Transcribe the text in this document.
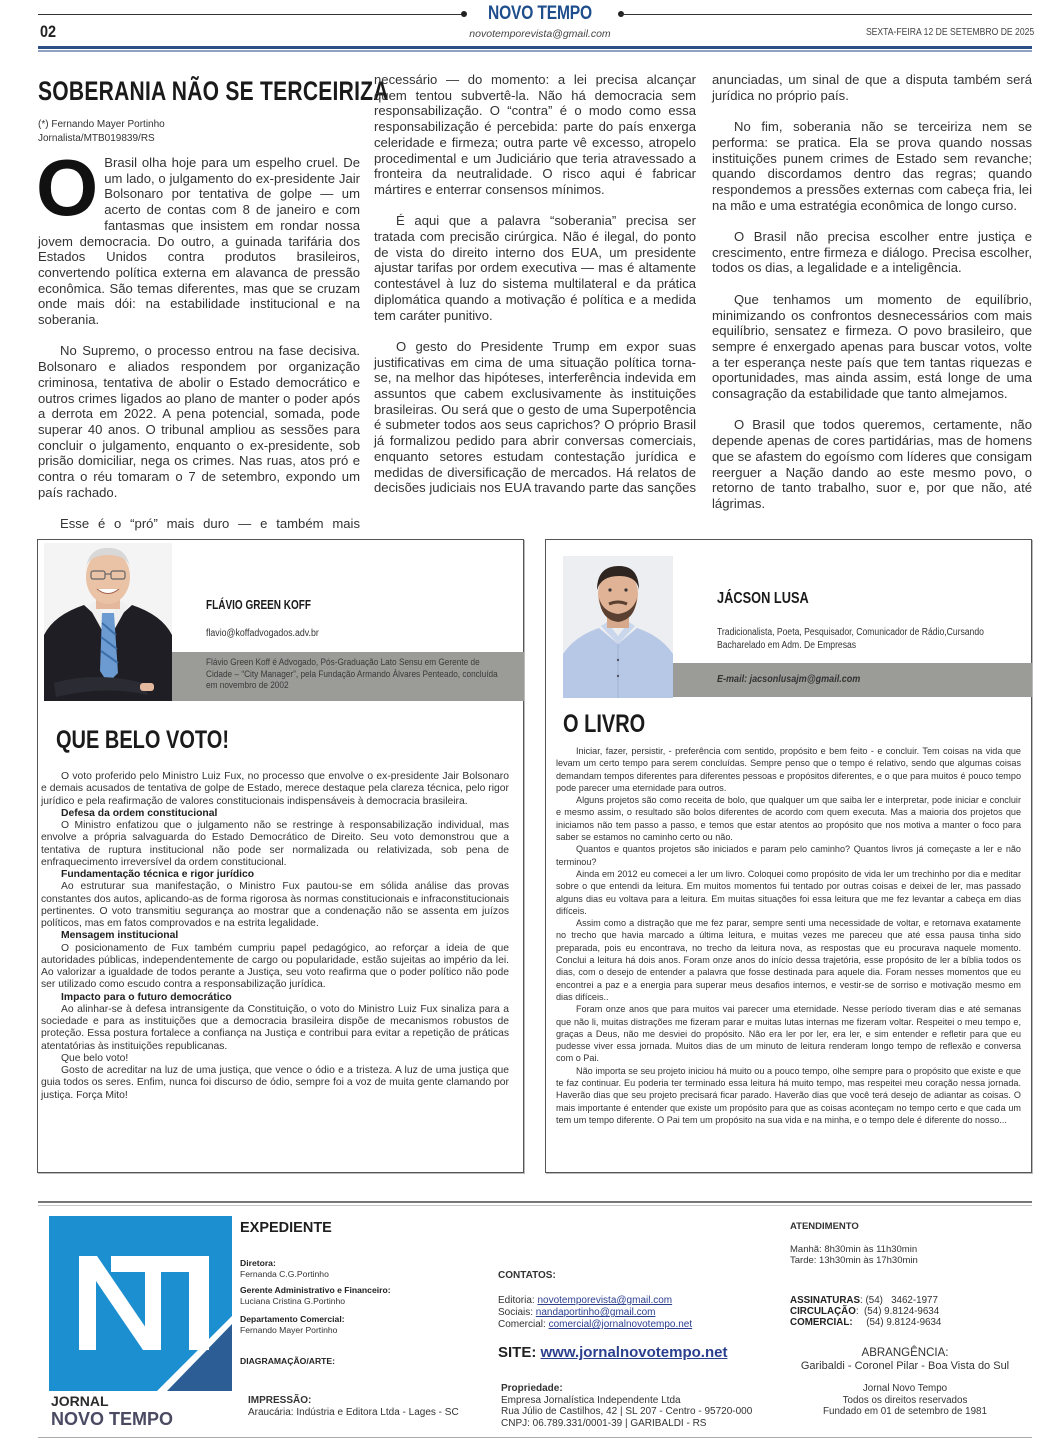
NOVO TEMPO
02	novotemporevista@gmail.com	SEXTA-FEIRA 12 DE SETEMBRO DE 2025
SOBERANIA NÃO SE TERCEIRIZA
(*) Fernando Mayer Portinho
Jornalista/MTB019839/RS

O Brasil olha hoje para um espelho cruel. De um lado, o julgamento do ex-presidente Jair Bolsonaro por tentativa de golpe — um acerto de contas com 8 de janeiro e com fantasmas que insistem em rondar nossa jovem democracia. Do outro, a guinada tarifária dos Estados Unidos contra produtos brasileiros, convertendo política externa em alavanca de pressão econômica. São temas diferentes, mas que se cruzam onde mais dói: na estabilidade institucional e na soberania.

No Supremo, o processo entrou na fase decisiva. Bolsonaro e aliados respondem por organização criminosa, tentativa de abolir o Estado democrático e outros crimes ligados ao plano de manter o poder após a derrota em 2022. A pena potencial, somada, pode superar 40 anos. O tribunal ampliou as sessões para concluir o julgamento, enquanto o ex-presidente, sob prisão domiciliar, nega os crimes. Nas ruas, atos pró e contra o réu tomaram o 7 de setembro, expondo um país rachado.

Esse é o “pró” mais duro — e também mais

necessário — do momento: a lei precisa alcançar quem tentou subvertê-la. Não há democracia sem responsabilização. O “contra” é o modo como essa responsabilização é percebida: parte do país enxerga celeridade e firmeza; outra parte vê excesso, atropelo procedimental e um Judiciário que teria atravessado a fronteira da neutralidade. O risco aqui é fabricar mártires e enterrar consensos mínimos.

É aqui que a palavra “soberania” precisa ser tratada com precisão cirúrgica. Não é ilegal, do ponto de vista do direito interno dos EUA, um presidente ajustar tarifas por ordem executiva — mas é altamente contestável à luz do sistema multilateral e da prática diplomática quando a motivação é política e a medida tem caráter punitivo.

O gesto do Presidente Trump em expor suas justificativas em cima de uma situação política torna-se, na melhor das hipóteses, interferência indevida em assuntos que cabem exclusivamente às instituições brasileiras. Ou será que o gesto de uma Superpotência é submeter todos aos seus caprichos? O próprio Brasil já formalizou pedido para abrir conversas comerciais, enquanto setores estudam contestação jurídica e medidas de diversificação de mercados. Há relatos de decisões judiciais nos EUA travando parte das sanções

anunciadas, um sinal de que a disputa também será jurídica no próprio país.

No fim, soberania não se terceiriza nem se performa: se pratica. Ela se prova quando nossas instituições punem crimes de Estado sem revanche; quando discordamos dentro das regras; quando respondemos a pressões externas com cabeça fria, lei na mão e uma estratégia econômica de longo curso.

O Brasil não precisa escolher entre justiça e crescimento, entre firmeza e diálogo. Precisa escolher, todos os dias, a legalidade e a inteligência.

Que tenhamos um momento de equilíbrio, minimizando os confrontos desnecessários com mais equilíbrio, sensatez e firmeza. O povo brasileiro, que sempre é enxergado apenas para buscar votos, volte a ter esperança neste país que tem tantas riquezas e oportunidades, mas ainda assim, está longe de uma consagração da estabilidade que tanto almejamos.

O Brasil que todos queremos, certamente, não depende apenas de cores partidárias, mas de homens que se afastem do egoísmo com líderes que consigam reerguer a Nação dando ao este mesmo povo, o retorno de tanto trabalho, suor e, por que não, até lágrimas.

FLÁVIO GREEN KOFF
flavio@koffadvogados.adv.br
Flávio Green Koff é Advogado, Pós-Graduação Lato Sensu em Gerente de Cidade – “City Manager”, pela Fundação Armando Álvares Penteado, concluída em novembro de 2002
QUE BELO VOTO!

O voto proferido pelo Ministro Luiz Fux, no processo que envolve o ex-presidente Jair Bolsonaro e demais acusados de tentativa de golpe de Estado, merece destaque pela clareza técnica, pelo rigor jurídico e pela reafirmação de valores constitucionais indispensáveis à democracia brasileira.

Defesa da ordem constitucional

O Ministro enfatizou que o julgamento não se restringe à responsabilização individual, mas envolve a própria salvaguarda do Estado Democrático de Direito. Seu voto demonstrou que a tentativa de ruptura institucional não pode ser normalizada ou relativizada, sob pena de enfraquecimento irreversível da ordem constitucional.

Fundamentação técnica e rigor jurídico

Ao estruturar sua manifestação, o Ministro Fux pautou-se em sólida análise das provas constantes dos autos, aplicando-as de forma rigorosa às normas constitucionais e infraconstitucionais pertinentes. O voto transmitiu segurança ao mostrar que a condenação não se assenta em juízos políticos, mas em fatos comprovados e na estrita legalidade.

Mensagem institucional

O posicionamento de Fux também cumpriu papel pedagógico, ao reforçar a ideia de que autoridades públicas, independentemente de cargo ou popularidade, estão sujeitas ao império da lei. Ao valorizar a igualdade de todos perante a Justiça, seu voto reafirma que o poder político não pode ser utilizado como escudo contra a responsabilização jurídica.

Impacto para o futuro democrático

Ao alinhar-se à defesa intransigente da Constituição, o voto do Ministro Luiz Fux sinaliza para a sociedade e para as instituições que a democracia brasileira dispõe de mecanismos robustos de proteção. Essa postura fortalece a confiança na Justiça e contribui para evitar a repetição de práticas atentatórias às instituições republicanas.

Que belo voto!

Gosto de acreditar na luz de uma justiça, que vence o ódio e a tristeza. A luz de uma justiça que guia todos os seres. Enfim, nunca foi discurso de ódio, sempre foi a voz de muita gente clamando por justiça. Força Mito!

JÁCSON LUSA
Tradicionalista, Poeta, Pesquisador, Comunicador de Rádio,Cursando Bacharelado em Adm. De Empresas
E-mail: jacsonlusajm@gmail.com
O LIVRO

Iniciar, fazer, persistir, - preferência com sentido, propósito e bem feito - e concluir. Tem coisas na vida que levam um certo tempo para serem concluídas. Sempre penso que o tempo é relativo, sendo que algumas coisas demandam tempos diferentes para diferentes pessoas e propósitos diferentes, e o que para muitos é pouco tempo pode parecer uma eternidade para outros.

Alguns projetos são como receita de bolo, que qualquer um que saiba ler e interpretar, pode iniciar e concluir e mesmo assim, o resultado são bolos diferentes de acordo com quem executa. Mas a maioria dos projetos que iniciamos não tem passo a passo, e temos que estar atentos ao propósito que nos motiva a manter o foco para saber se estamos no caminho certo ou não.

Quantos e quantos projetos são iniciados e param pelo caminho? Quantos livros já começaste a ler e não terminou?

Ainda em 2012 eu comecei a ler um livro. Coloquei como propósito de vida ler um trechinho por dia e meditar sobre o que entendi da leitura. Em muitos momentos fui tentado por outras coisas e deixei de ler, mas passado alguns dias eu voltava para a leitura. Em muitas situações foi essa leitura que me fez levantar a cabeça em dias difíceis.

Assim como a distração que me fez parar, sempre senti uma necessidade de voltar, e retornava exatamente no trecho que havia marcado a última leitura, e muitas vezes me pareceu que até essa pausa tinha sido preparada, pois eu encontrava, no trecho da leitura nova, as respostas que eu procurava naquele momento. Conclui a leitura há dois anos. Foram onze anos do início dessa trajetória, esse propósito de ler a bíblia todos os dias, com o desejo de entender a palavra que fosse destinada para aquele dia. Foram nesses momentos que eu encontrei a paz e a energia para superar meus desafios internos, e vestir-se de sorriso e motivação mesmo em dias difíceis..

Foram onze anos que para muitos vai parecer uma eternidade. Nesse período tiveram dias e até semanas que não li, muitas distrações me fizeram parar e muitas lutas internas me fizeram voltar. Respeitei o meu tempo e, graças a Deus, não me desviei do propósito. Não era ler por ler, era ler, e sim entender e refletir para que eu pudesse viver essa jornada. Muitos dias de um minuto de leitura renderam longo tempo de reflexão e conversa com o Pai.

Não importa se seu projeto iniciou há muito ou a pouco tempo, olhe sempre para o propósito que existe e que te faz continuar. Eu poderia ter terminado essa leitura há muito tempo, mas respeitei meu coração nessa jornada. Haverão dias que seu projeto precisará ficar parado. Haverão dias que você terá desejo de adiantar as coisas. O mais importante é entender que existe um propósito para que as coisas aconteçam no tempo certo e que cada um tem um tempo diferente. O Pai tem um propósito na sua vida e na minha, e o tempo dele é diferente do nosso...

JORNAL
NOVO TEMPO
EXPEDIENTE
Diretora:
Fernanda C.G.Portinho
Gerente Administrativo e Financeiro:
Luciana Cristina G.Portinho
Departamento Comercial:
Fernando Mayer Portinho
DIAGRAMAÇÃO/ARTE:
IMPRESSÃO:
Araucária: Indústria e Editora Ltda - Lages - SC
CONTATOS:
Editoria: novotemporevista@gmail.com
Sociais: nandaportinho@gmail.com
Comercial: comercial@jornalnovotempo.net
SITE: www.jornalnovotempo.net
Propriedade:
Empresa Jornalística Independente Ltda
Rua Júlio de Castilhos, 42 | SL 207 - Centro - 95720-000
CNPJ: 06.789.331/0001-39 | GARIBALDI - RS
ATENDIMENTO
Manhã: 8h30min às 11h30min
Tarde: 13h30min às 17h30min
ASSINATURAS: (54)   3462-1977
CIRCULAÇÃO:  (54) 9.8124-9634
COMERCIAL: (54) 9.8124-9634
ABRANGÊNCIA:
Garibaldi - Coronel Pilar - Boa Vista do Sul
Jornal Novo Tempo
Todos os direitos reservados
Fundado em 01 de setembro de 1981
